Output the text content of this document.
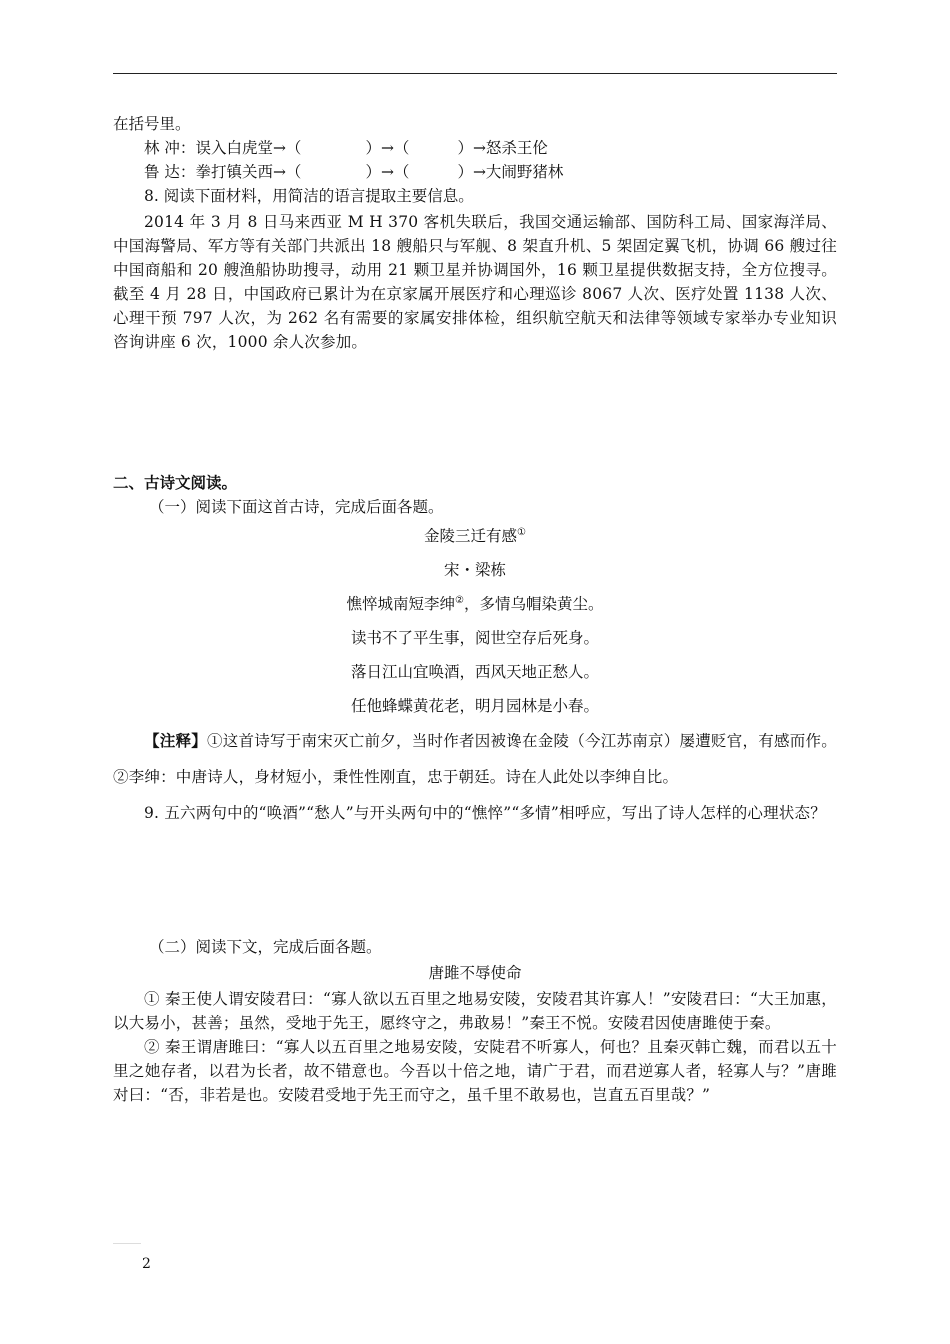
在括号里。

林 冲：误入白虎堂→（	）→（	）→怒杀王伦

鲁 达：拳打镇关西→（	）→（	）→大闹野猪林

8. 阅读下面材料，用简洁的语言提取主要信息。

2014 年 3 月 8 日马来西亚 M H 370 客机失联后，我国交通运输部、国防科工局、国家海洋局、中国海警局、军方等有关部门共派出 18 艘船只与军舰、8 架直升机、5 架固定翼飞机，协调 66 艘过往中国商船和 20 艘渔船协助搜寻，动用 21 颗卫星并协调国外，16 颗卫星提供数据支持，全方位搜寻。截至 4 月 28 日，中国政府已累计为在京家属开展医疗和心理巡诊 8067 人次、医疗处置 1138 人次、心理干预 797 人次，为 262 名有需要的家属安排体检，组织航空航天和法律等领域专家举办专业知识咨询讲座 6 次，1000 余人次参加。

二、古诗文阅读。

（一）阅读下面这首古诗，完成后面各题。

金陵三迁有感①

宋・梁栋

憔悴城南短李绅②，多情乌帽染黄尘。

读书不了平生事，阅世空存后死身。

落日江山宜唤酒，西风天地正愁人。

任他蜂蝶黄花老，明月园林是小春。

【注释】①这首诗写于南宋灭亡前夕，当时作者因被谗在金陵（今江苏南京）屡遭贬官，有感而作。②李绅：中唐诗人，身材短小，秉性性刚直，忠于朝廷。诗在人此处以李绅自比。

9. 五六两句中的“唤酒”“愁人”与开头两句中的“憔悴”“多情”相呼应，写出了诗人怎样的心理状态？

（二）阅读下文，完成后面各题。

唐雎不辱使命

① 秦王使人谓安陵君曰：“寡人欲以五百里之地易安陵，安陵君其许寡人！”安陵君曰：“大王加惠，以大易小，甚善；虽然，受地于先王，愿终守之，弗敢易！”秦王不悦。安陵君因使唐雎使于秦。

② 秦王谓唐雎曰：“寡人以五百里之地易安陵，安陡君不听寡人，何也？且秦灭韩亡魏，而君以五十里之她存者，以君为长者，故不错意也。今吾以十倍之地，请广于君，而君逆寡人者，轻寡人与？”唐雎对曰：“否，非若是也。安陵君受地于先王而守之，虽千里不敢易也，岂直五百里哉？”

2
